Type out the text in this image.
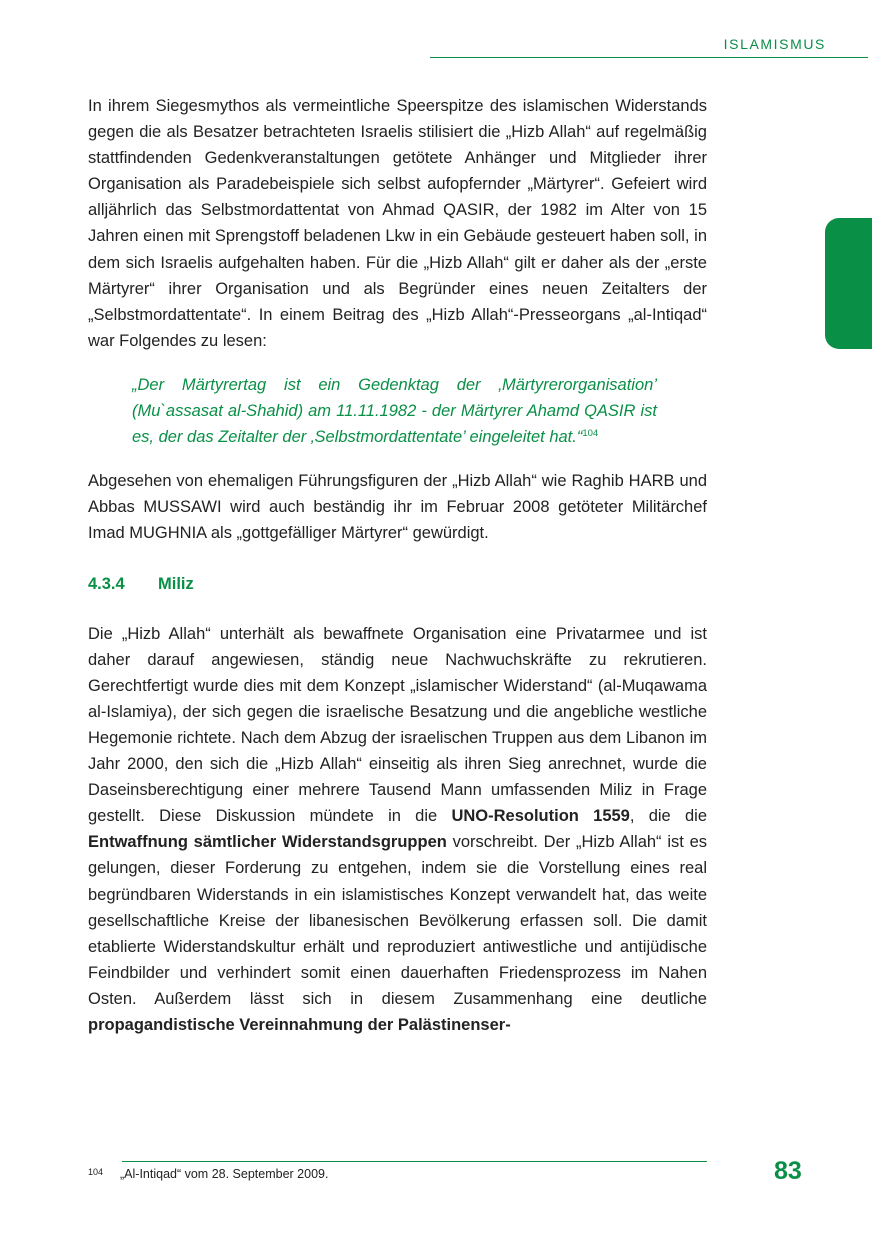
ISLAMISMUS

In ihrem Siegesmythos als vermeintliche Speerspitze des islamischen Widerstands gegen die als Besatzer betrachteten Israelis stilisiert die „Hizb Allah“ auf regelmäßig stattfindenden Gedenkveranstaltungen getötete Anhänger und Mitglieder ihrer Organisation als Paradebeispiele sich selbst aufopfernder „Märtyrer“. Gefeiert wird alljährlich das Selbstmordattentat von Ahmad QASIR, der 1982 im Alter von 15 Jahren einen mit Sprengstoff beladenen Lkw in ein Gebäude gesteuert haben soll, in dem sich Israelis aufgehalten haben. Für die „Hizb Allah“ gilt er daher als der „erste Märtyrer“ ihrer Organisation und als Begründer eines neuen Zeitalters der „Selbstmordattentate“. In einem Beitrag des „Hizb Allah“-Presseorgans „al-Intiqad“ war Folgendes zu lesen:

„Der Märtyrertag ist ein Gedenktag der ‚Märtyrerorganisation’ (Mu`assasat al-Shahid) am 11.11.1982 - der Märtyrer Ahamd QASIR ist es, der das Zeitalter der ‚Selbstmordattentate’ eingeleitet hat.“$^{104}$

Abgesehen von ehemaligen Führungsfiguren der „Hizb Allah“ wie Raghib HARB und Abbas MUSSAWI wird auch beständig ihr im Februar 2008 getöteter Militärchef Imad MUGHNIA als „gottgefälliger Märtyrer“ gewürdigt.

4.3.4	Miliz

Die „Hizb Allah“ unterhält als bewaffnete Organisation eine Privatarmee und ist daher darauf angewiesen, ständig neue Nachwuchskräfte zu rekrutieren. Gerechtfertigt wurde dies mit dem Konzept „islamischer Widerstand“ (al-Muqawama al-Islamiya), der sich gegen die israelische Besatzung und die angebliche westliche Hegemonie richtete. Nach dem Abzug der israelischen Truppen aus dem Libanon im Jahr 2000, den sich die „Hizb Allah“ einseitig als ihren Sieg anrechnet, wurde die Daseinsberechtigung einer mehrere Tausend Mann umfassenden Miliz in Frage gestellt. Diese Diskussion mündete in die UNO-Resolution 1559, die die Entwaffnung sämtlicher Widerstandsgruppen vorschreibt. Der „Hizb Allah“ ist es gelungen, dieser Forderung zu entgehen, indem sie die Vorstellung eines real begründbaren Widerstands in ein islamistisches Konzept verwandelt hat, das weite gesellschaftliche Kreise der libanesischen Bevölkerung erfassen soll. Die damit etablierte Widerstandskultur erhält und reproduziert antiwestliche und antijüdische Feindbilder und verhindert somit einen dauerhaften Friedensprozess im Nahen Osten. Außerdem lässt sich in diesem Zusammenhang eine deutliche propagandistische Vereinnahmung der Palästinenser-

$^{104}$ „Al-Intiqad“ vom 28. September 2009.	83
